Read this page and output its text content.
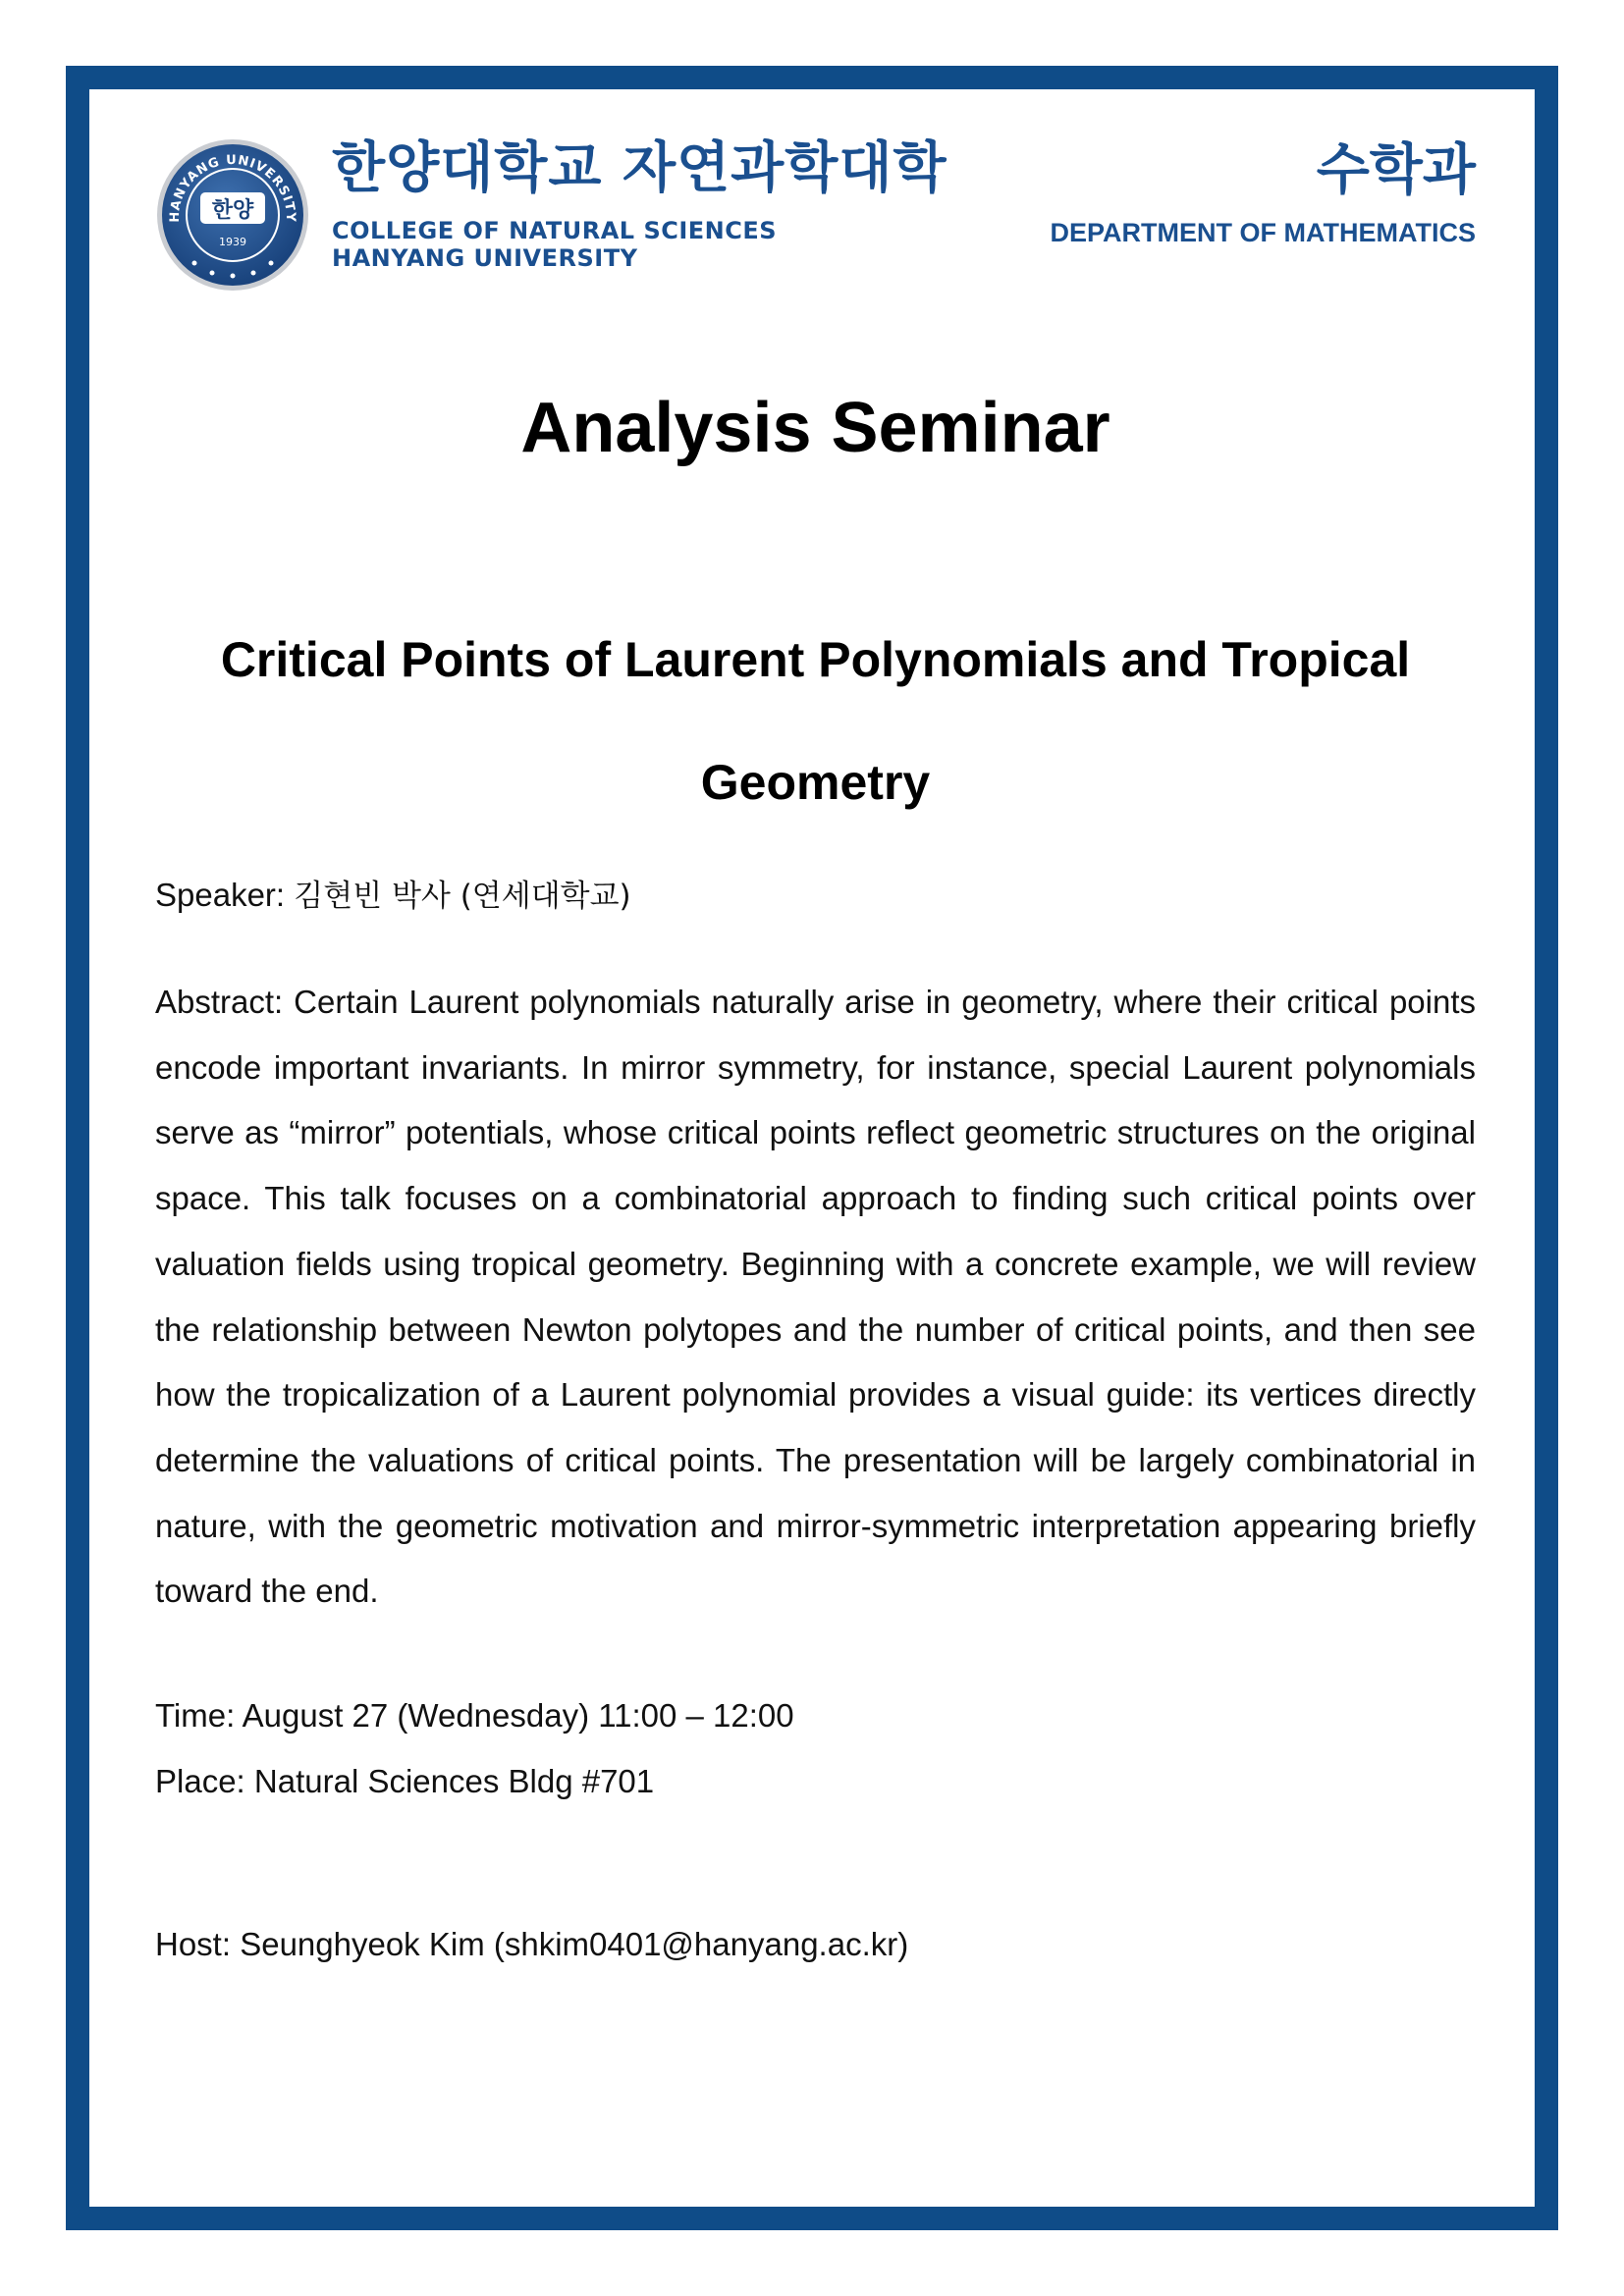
HANYANG UNIVERSITY
한양
1939
한양대학교 자연과학대학
COLLEGE OF NATURAL SCIENCES
HANYANG UNIVERSITY
수학과
DEPARTMENT OF MATHEMATICS
Analysis Seminar
Critical Points of Laurent Polynomials and Tropical Geometry
Speaker: 김현빈 박사 (연세대학교)
Abstract: Certain Laurent polynomials naturally arise in geometry, where their critical points encode important invariants. In mirror symmetry, for instance, special Laurent polynomials serve as “mirror” potentials, whose critical points reflect geometric structures on the original space. This talk focuses on a combinatorial approach to finding such critical points over valuation fields using tropical geometry. Beginning with a concrete example, we will review the relationship between Newton polytopes and the number of critical points, and then see how the tropicalization of a Laurent polynomial provides a visual guide: its vertices directly determine the valuations of critical points. The presentation will be largely combinatorial in nature, with the geometric motivation and mirror-symmetric interpretation appearing briefly toward the end.
Time: August 27 (Wednesday) 11:00 – 12:00
Place: Natural Sciences Bldg #701
Host: Seunghyeok Kim (shkim0401@hanyang.ac.kr)
